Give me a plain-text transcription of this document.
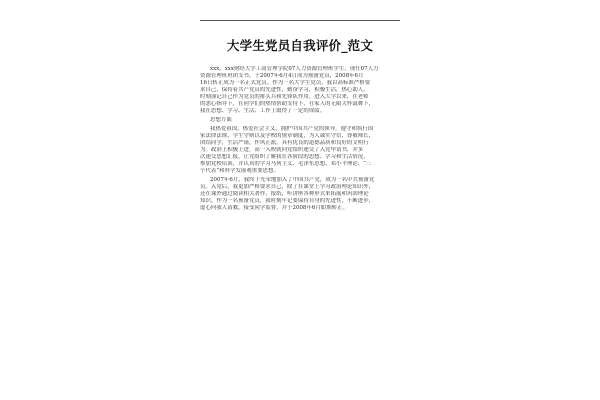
大学生党员自我评价_范文
xxx，xxx财经大学工商管理学院07人力资源管理班学生，现任07人力
资源管理班班团支书，于2007年6月4日成为预备党员，2008年6月
16日转正成为一名正式党员。作为一名大学生党员，我以高标准严格要
求自己，保持着共产党员的先进性，勤奋学习，积极生活，热心助人，
时刻谨记自己作为党员的排头兵和先锋队作用，进入大学以来，在老师
的悉心指导下，在同学们的热情帮助支持下，在家人的无限关怀鼓舞下，
我在思想、学习、生活、工作上取得了一定的成绩。
思想方面
我热爱祖国，热爱社会主义，拥护中国共产党的领导，遵守和执行国
家法律法规、学生守则以及学校的规章制度，为人诚实守信，尊敬师长，
团结同学，生活严谨，作风正派，具有优良的道德品质和良好的文明行
为。政治上积极上进，高一入校就向党组织递交了入党申请书，并多
次递交思想汇报，让党组织了解我在各阶段的思想、学习和生活情况，
参加党校培训，并认真的学习马列主义、毛泽东思想、邓小平理论、“三
个代表”和科学发展观重要思想。
2007年6月，我终于光荣地加入了中国共产党，成为一名中共预备党
员。入党后，我更加严格要求自己，除了在课堂上学习政治理论知识外，
还在课外通过阅读相关著作、报纸，听讲座各种形式来拓展和巩固理论
知识。作为一名预备党员，我时刻牢记要保持自身的先进性，不断进步，
虚心向我人请教，接受同学监督，并于2008年6月如期转正。
